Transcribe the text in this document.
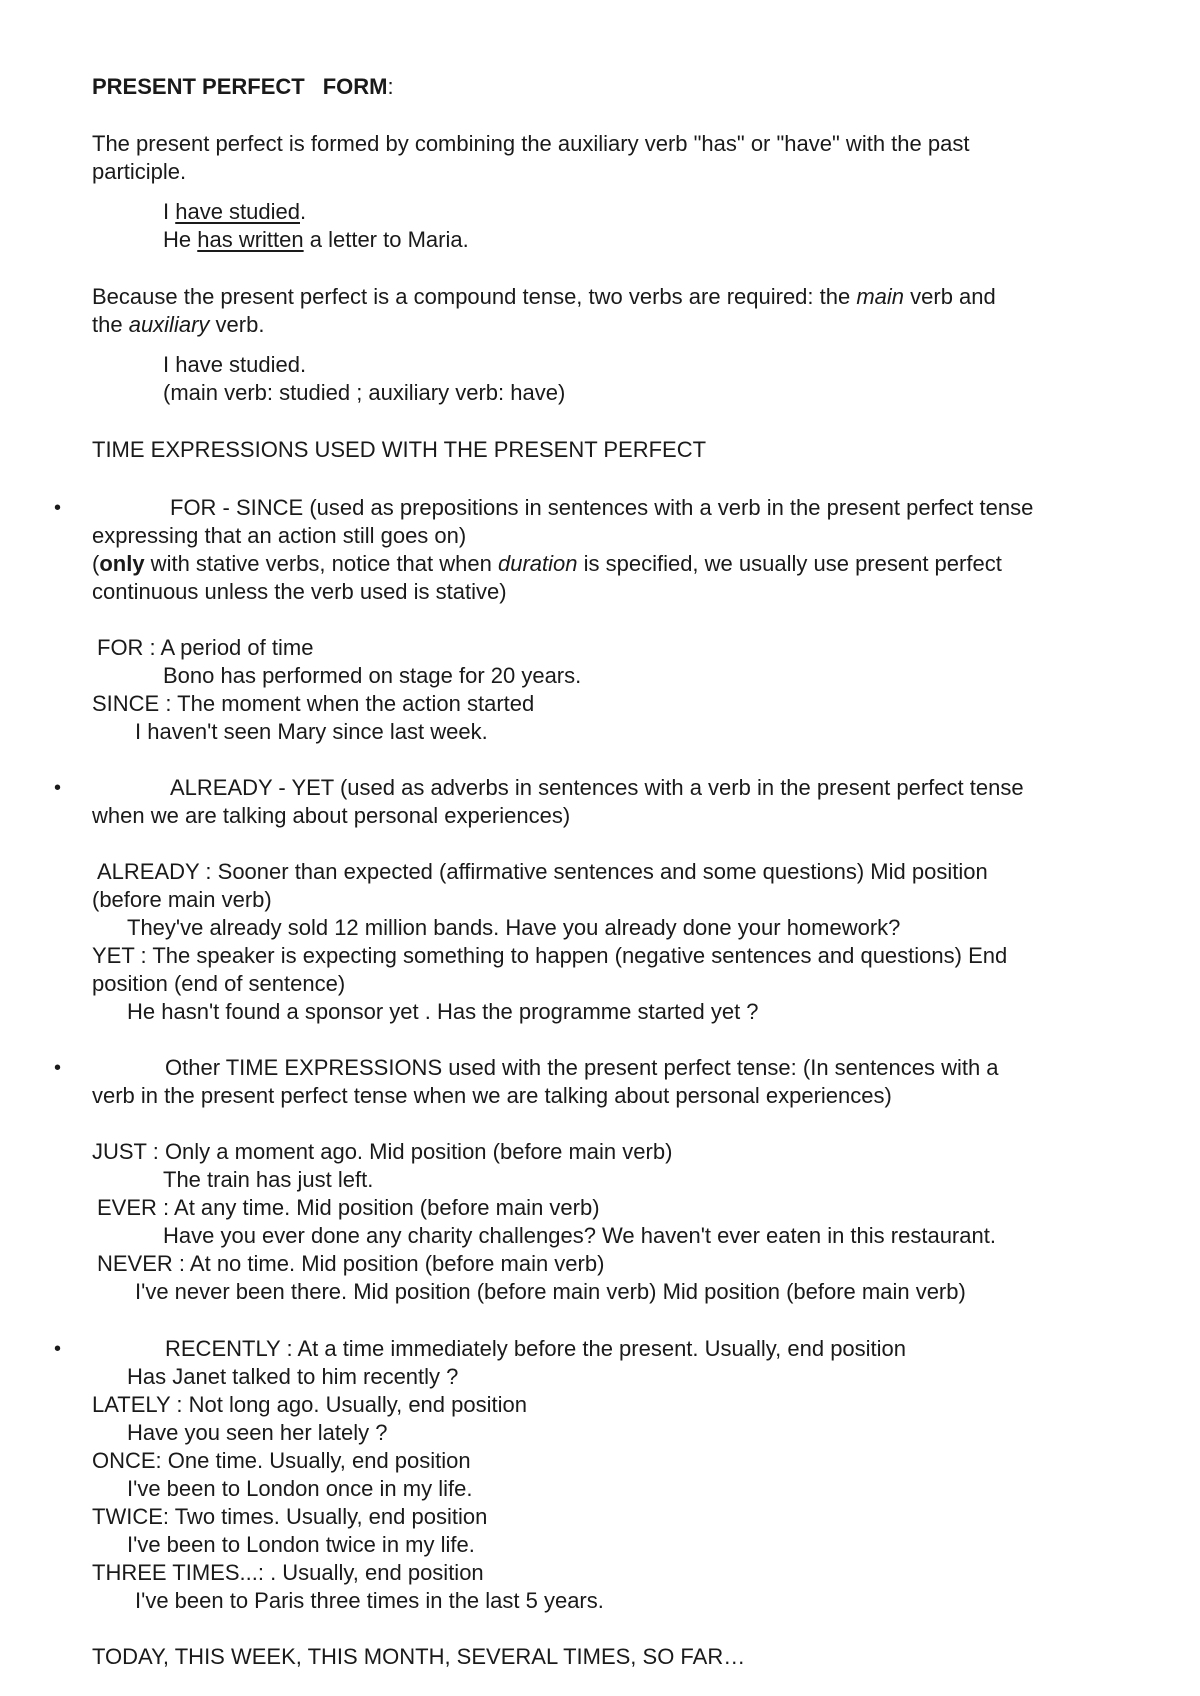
PRESENT PERFECT FORM:
The present perfect is formed by combining the auxiliary verb "has" or "have" with the past
participle.
I have studied.
He has written a letter to Maria.
Because the present perfect is a compound tense, two verbs are required: the main verb and
the auxiliary verb.
I have studied.
(main verb: studied ; auxiliary verb: have)
TIME EXPRESSIONS USED WITH THE PRESENT PERFECT
•	FOR - SINCE (used as prepositions in sentences with a verb in the present perfect tense
expressing that an action still goes on)
(only with stative verbs, notice that when duration is specified, we usually use present perfect
continuous unless the verb used is stative)
FOR : A period of time
Bono has performed on stage for 20 years.
SINCE : The moment when the action started
I haven't seen Mary since last week.
•	ALREADY - YET (used as adverbs in sentences with a verb in the present perfect tense
when we are talking about personal experiences)
ALREADY : Sooner than expected (affirmative sentences and some questions) Mid position
(before main verb)
They've already sold 12 million bands. Have you already done your homework?
YET : The speaker is expecting something to happen (negative sentences and questions) End
position (end of sentence)
He hasn't found a sponsor yet . Has the programme started yet ?
•	Other TIME EXPRESSIONS used with the present perfect tense: (In sentences with a
verb in the present perfect tense when we are talking about personal experiences)
JUST : Only a moment ago. Mid position (before main verb)
The train has just left.
EVER : At any time. Mid position (before main verb)
Have you ever done any charity challenges? We haven't ever eaten in this restaurant.
NEVER : At no time. Mid position (before main verb)
I've never been there. Mid position (before main verb) Mid position (before main verb)
•	RECENTLY : At a time immediately before the present. Usually, end position
Has Janet talked to him recently ?
LATELY : Not long ago. Usually, end position
Have you seen her lately ?
ONCE: One time. Usually, end position
I've been to London once in my life.
TWICE: Two times. Usually, end position
I've been to London twice in my life.
THREE TIMES...: . Usually, end position
I've been to Paris three times in the last 5 years.
TODAY, THIS WEEK, THIS MONTH, SEVERAL TIMES, SO FAR…
